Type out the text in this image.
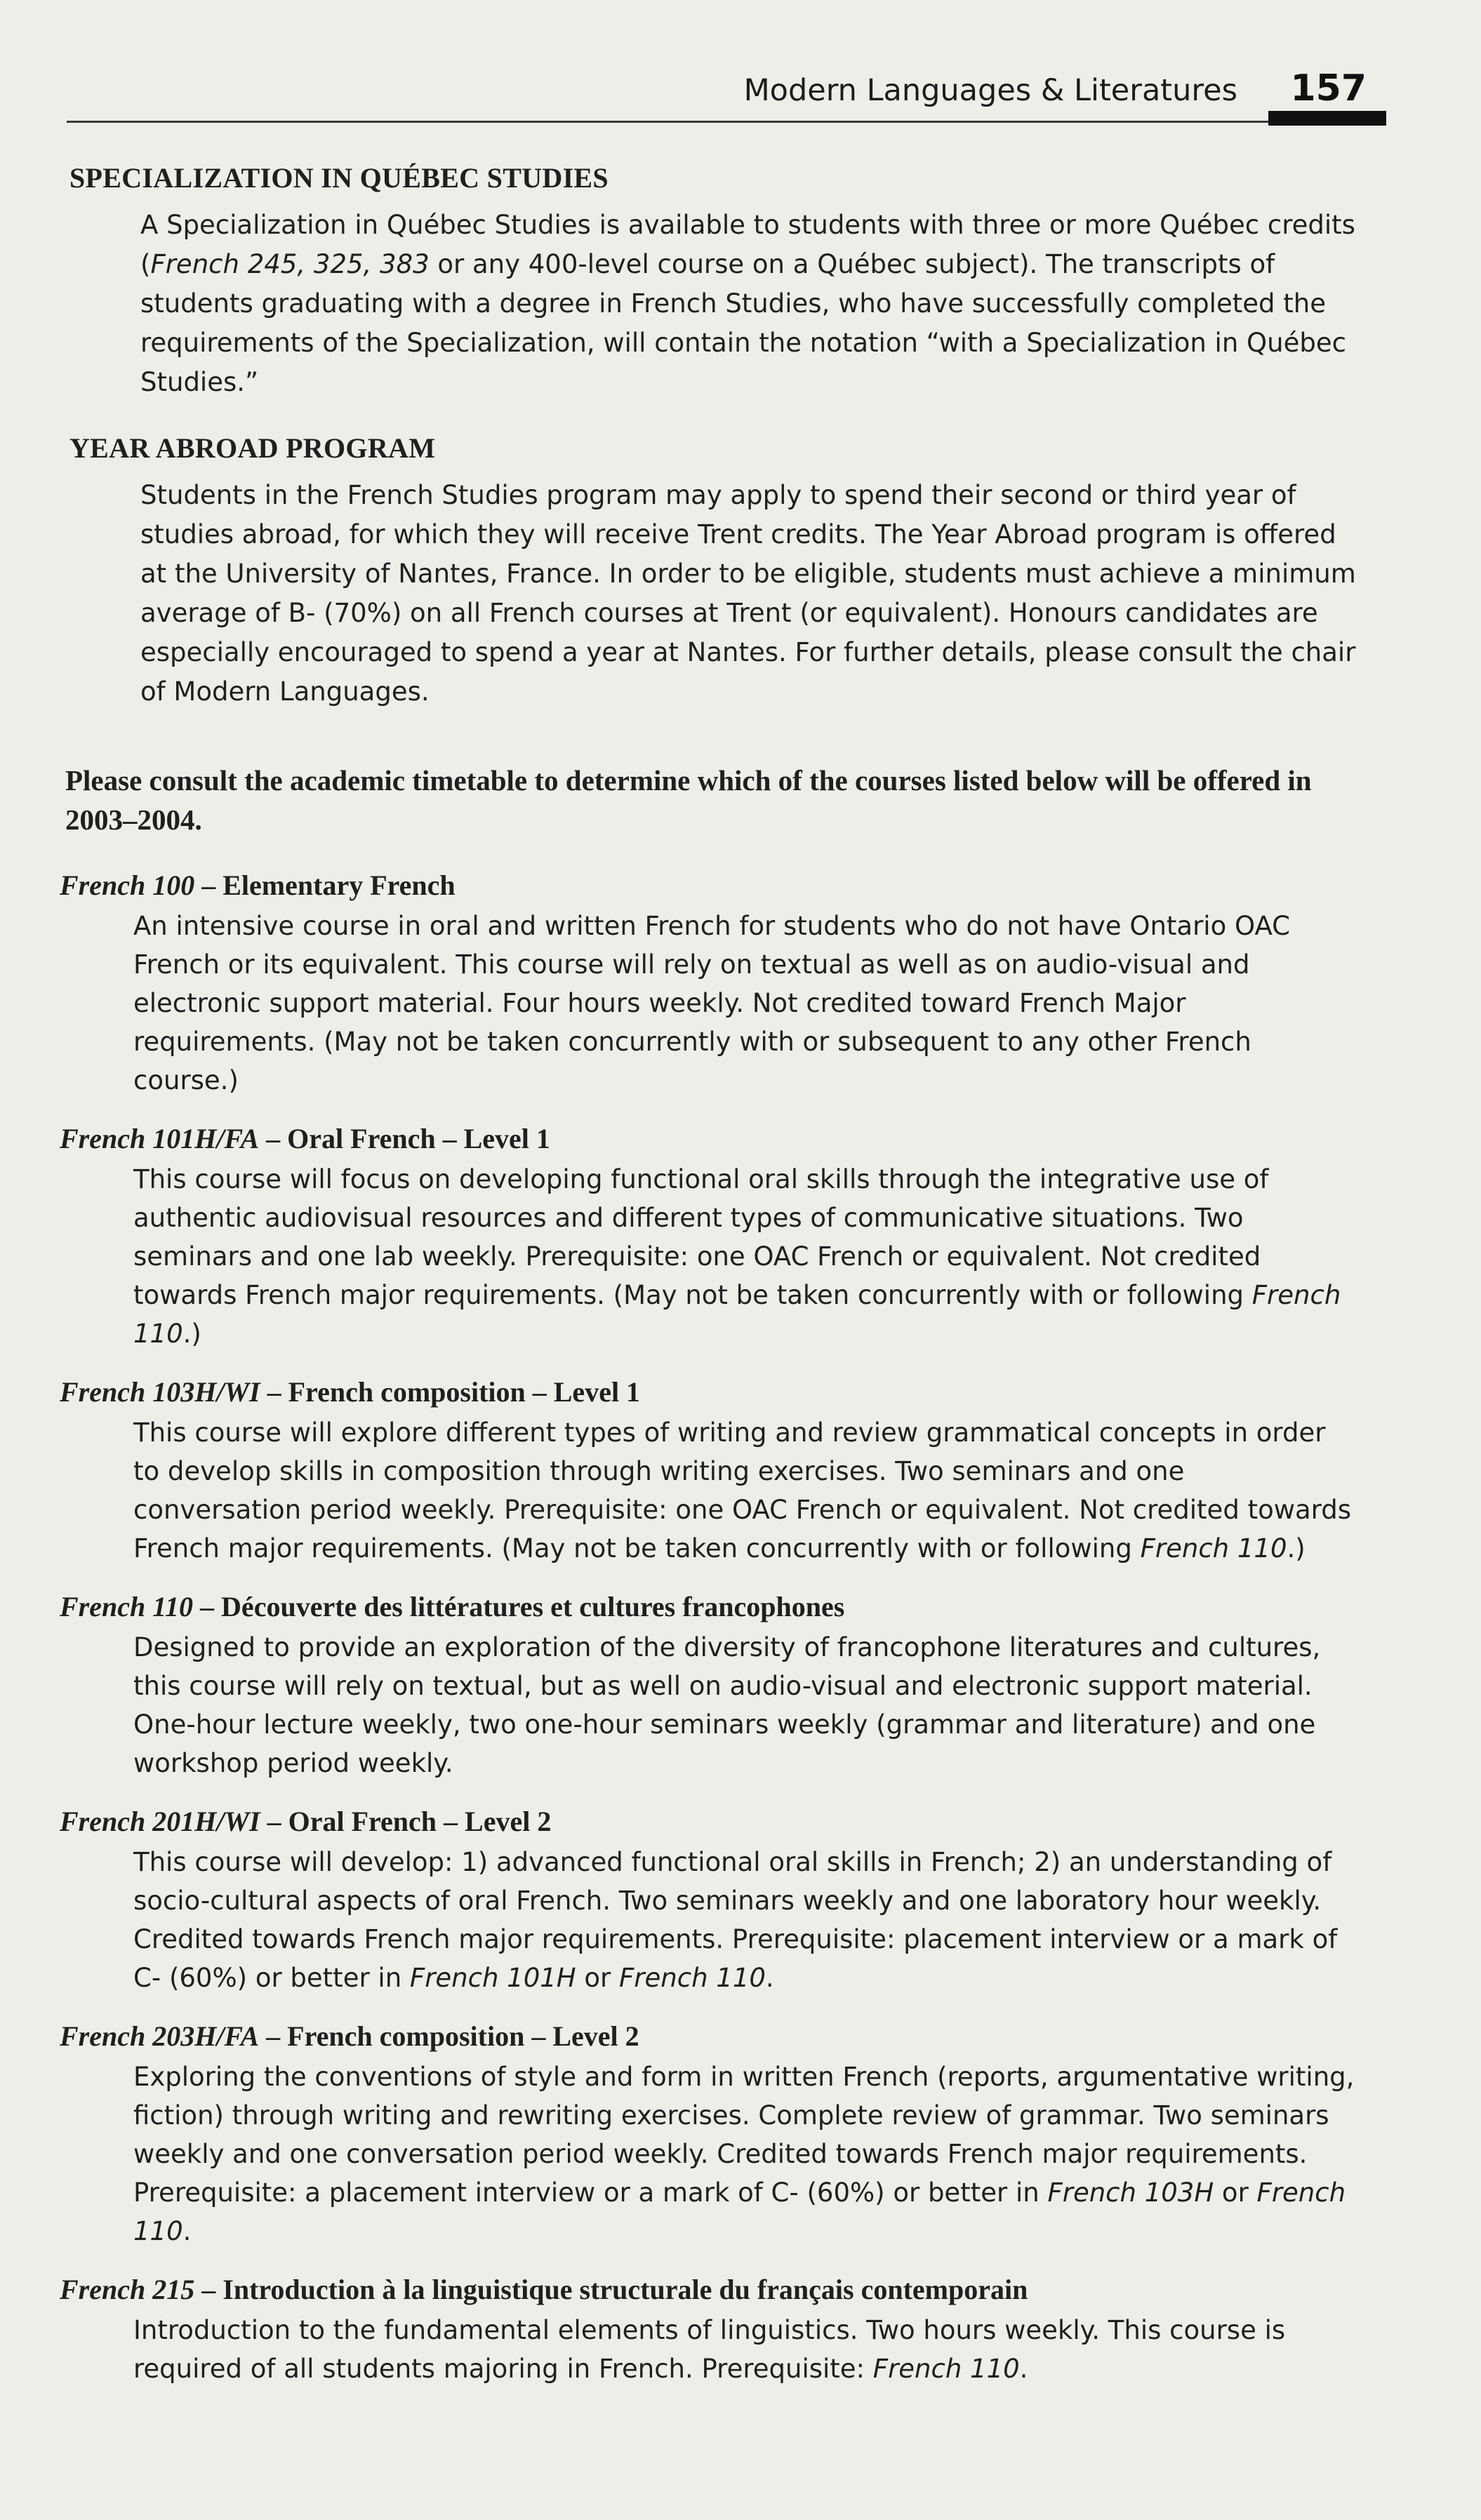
Modern Languages & Literatures 157
SPECIALIZATION IN QUÉBEC STUDIES
A Specialization in Québec Studies is available to students with three or more Québec credits (French 245, 325, 383 or any 400-level course on a Québec subject). The transcripts of students graduating with a degree in French Studies, who have successfully completed the requirements of the Specialization, will contain the notation “with a Specialization in Québec Studies.”
YEAR ABROAD PROGRAM
Students in the French Studies program may apply to spend their second or third year of studies abroad, for which they will receive Trent credits. The Year Abroad program is offered at the University of Nantes, France. In order to be eligible, students must achieve a minimum average of B- (70%) on all French courses at Trent (or equivalent). Honours candidates are especially encouraged to spend a year at Nantes. For further details, please consult the chair of Modern Languages.
Please consult the academic timetable to determine which of the courses listed below will be offered in 2003–2004.
French 100 – Elementary French
An intensive course in oral and written French for students who do not have Ontario OAC French or its equivalent. This course will rely on textual as well as on audio-visual and electronic support material. Four hours weekly. Not credited toward French Major requirements. (May not be taken concurrently with or subsequent to any other French course.)
French 101H/FA – Oral French – Level 1
This course will focus on developing functional oral skills through the integrative use of authentic audiovisual resources and different types of communicative situations. Two seminars and one lab weekly. Prerequisite: one OAC French or equivalent. Not credited towards French major requirements. (May not be taken concurrently with or following French 110.)
French 103H/WI – French composition – Level 1
This course will explore different types of writing and review grammatical concepts in order to develop skills in composition through writing exercises. Two seminars and one conversation period weekly. Prerequisite: one OAC French or equivalent. Not credited towards French major requirements. (May not be taken concurrently with or following French 110.)
French 110 – Découverte des littératures et cultures francophones
Designed to provide an exploration of the diversity of francophone literatures and cultures, this course will rely on textual, but as well on audio-visual and electronic support material. One-hour lecture weekly, two one-hour seminars weekly (grammar and literature) and one workshop period weekly.
French 201H/WI – Oral French – Level 2
This course will develop: 1) advanced functional oral skills in French; 2) an understanding of socio-cultural aspects of oral French. Two seminars weekly and one laboratory hour weekly. Credited towards French major requirements. Prerequisite: placement interview or a mark of C- (60%) or better in French 101H or French 110.
French 203H/FA – French composition – Level 2
Exploring the conventions of style and form in written French (reports, argumentative writing, fiction) through writing and rewriting exercises. Complete review of grammar. Two seminars weekly and one conversation period weekly. Credited towards French major requirements. Prerequisite: a placement interview or a mark of C- (60%) or better in French 103H or French 110.
French 215 – Introduction à la linguistique structurale du français contemporain
Introduction to the fundamental elements of linguistics. Two hours weekly. This course is required of all students majoring in French. Prerequisite: French 110.
